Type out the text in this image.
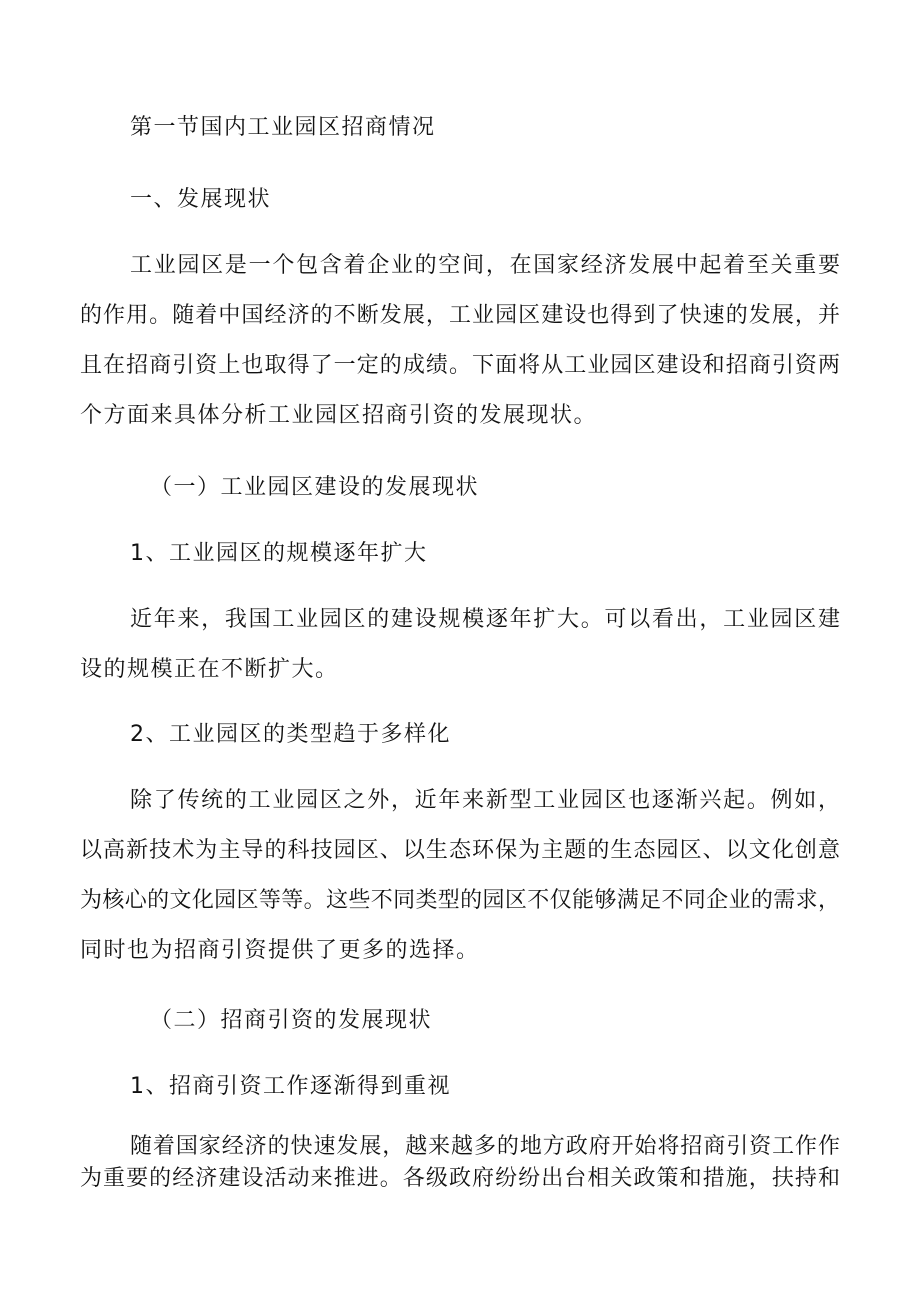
第一节国内工业园区招商情况
一、发展现状
工业园区是一个包含着企业的空间，在国家经济发展中起着至关重要
的作用。随着中国经济的不断发展，工业园区建设也得到了快速的发展，并
且在招商引资上也取得了一定的成绩。下面将从工业园区建设和招商引资两
个方面来具体分析工业园区招商引资的发展现状。
（一）工业园区建设的发展现状
1、工业园区的规模逐年扩大
近年来，我国工业园区的建设规模逐年扩大。可以看出，工业园区建
设的规模正在不断扩大。
2、工业园区的类型趋于多样化
除了传统的工业园区之外，近年来新型工业园区也逐渐兴起。例如，
以高新技术为主导的科技园区、以生态环保为主题的生态园区、以文化创意
为核心的文化园区等等。这些不同类型的园区不仅能够满足不同企业的需求，
同时也为招商引资提供了更多的选择。
（二）招商引资的发展现状
1、招商引资工作逐渐得到重视
随着国家经济的快速发展，越来越多的地方政府开始将招商引资工作作
为重要的经济建设活动来推进。各级政府纷纷出台相关政策和措施，扶持和
